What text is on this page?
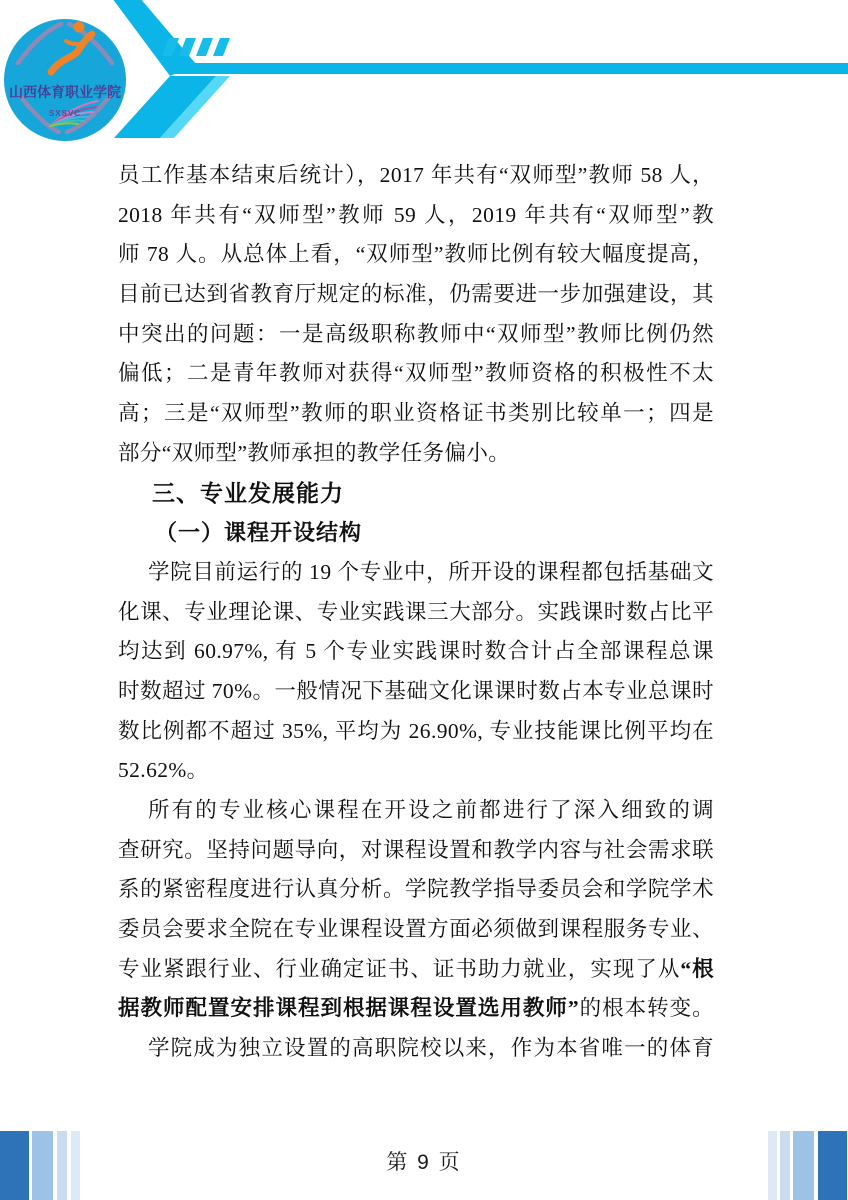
山西体育职业学院
SXSVC
员工作基本结束后统计），2017 年共有“双师型”教师 58 人，
2018 年共有“双师型”教师 59 人，2019 年共有“双师型”教
师 78 人。从总体上看，“双师型”教师比例有较大幅度提高，
目前已达到省教育厅规定的标准，仍需要进一步加强建设，其
中突出的问题：一是高级职称教师中“双师型”教师比例仍然
偏低；二是青年教师对获得“双师型”教师资格的积极性不太
高；三是“双师型”教师的职业资格证书类别比较单一；四是
部分“双师型”教师承担的教学任务偏小。
三、专业发展能力
（一）课程开设结构
学院目前运行的 19 个专业中，所开设的课程都包括基础文
化课、专业理论课、专业实践课三大部分。实践课时数占比平
均达到 60.97%, 有 5 个专业实践课时数合计占全部课程总课
时数超过 70%。一般情况下基础文化课课时数占本专业总课时
数比例都不超过 35%, 平均为 26.90%, 专业技能课比例平均在
52.62%。
所有的专业核心课程在开设之前都进行了深入细致的调
查研究。坚持问题导向，对课程设置和教学内容与社会需求联
系的紧密程度进行认真分析。学院教学指导委员会和学院学术
委员会要求全院在专业课程设置方面必须做到课程服务专业、
专业紧跟行业、行业确定证书、证书助力就业，实现了从“根
据教师配置安排课程到根据课程设置选用教师”的根本转变。
学院成为独立设置的高职院校以来，作为本省唯一的体育
第 9 页
